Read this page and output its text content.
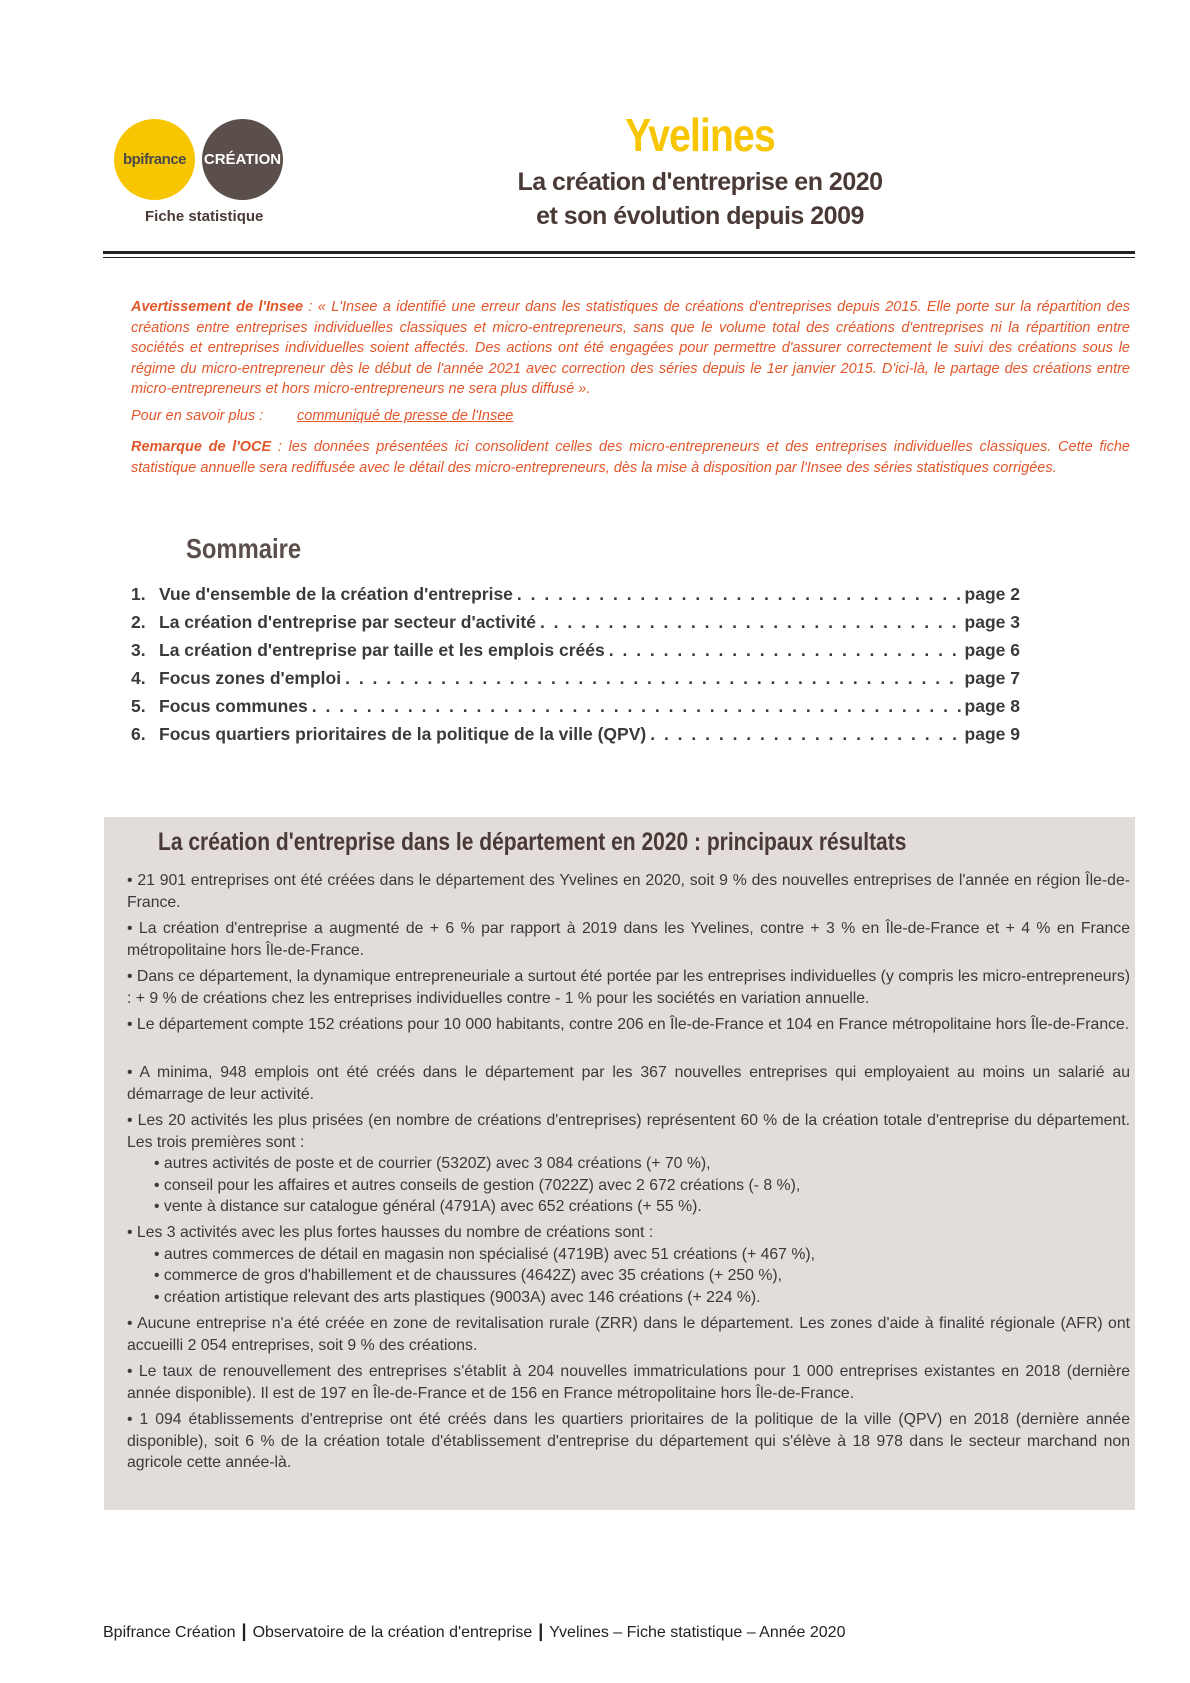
bpifrance CRÉATION
Fiche statistique
Yvelines
La création d'entreprise en 2020
et son évolution depuis 2009
Avertissement de l'Insee : « L'Insee a identifié une erreur dans les statistiques de créations d'entreprises depuis 2015. Elle porte sur la répartition des créations entre entreprises individuelles classiques et micro-entrepreneurs, sans que le volume total des créations d'entreprises ni la répartition entre sociétés et entreprises individuelles soient affectés. Des actions ont été engagées pour permettre d'assurer correctement le suivi des créations sous le régime du micro-entrepreneur dès le début de l'année 2021 avec correction des séries depuis le 1er janvier 2015. D'ici-là, le partage des créations entre micro-entrepreneurs et hors micro-entrepreneurs ne sera plus diffusé ».
Pour en savoir plus : communiqué de presse de l'Insee
Remarque de l'OCE : les données présentées ici consolident celles des micro-entrepreneurs et des entreprises individuelles classiques. Cette fiche statistique annuelle sera rediffusée avec le détail des micro-entrepreneurs, dès la mise à disposition par l'Insee des séries statistiques corrigées.
Sommaire
1. Vue d'ensemble de la création d'entreprise . . .	page 2
2. La création d'entreprise par secteur d'activité . . .	page 3
3. La création d'entreprise par taille et les emplois créés . . .	page 6
4. Focus zones d'emploi . . .	page 7
5. Focus communes . . .	page 8
6. Focus quartiers prioritaires de la politique de la ville (QPV) . . .	page 9
La création d'entreprise dans le département en 2020 : principaux résultats
• 21 901 entreprises ont été créées dans le département des Yvelines en 2020, soit 9 % des nouvelles entreprises de l'année en région Île-de-France.
• La création d'entreprise a augmenté de + 6 % par rapport à 2019 dans les Yvelines, contre + 3 % en Île-de-France et + 4 % en France métropolitaine hors Île-de-France.
• Dans ce département, la dynamique entrepreneuriale a surtout été portée par les entreprises individuelles (y compris les micro-entrepreneurs) : + 9 % de créations chez les entreprises individuelles contre - 1 % pour les sociétés en variation annuelle.
• Le département compte 152 créations pour 10 000 habitants, contre 206 en Île-de-France et 104 en France métropolitaine hors Île-de-France.
• A minima, 948 emplois ont été créés dans le département par les 367 nouvelles entreprises qui employaient au moins un salarié au démarrage de leur activité.
• Les 20 activités les plus prisées (en nombre de créations d'entreprises) représentent 60 % de la création totale d'entreprise du département. Les trois premières sont :
• autres activités de poste et de courrier (5320Z) avec 3 084 créations (+ 70 %),
• conseil pour les affaires et autres conseils de gestion (7022Z) avec 2 672 créations (- 8 %),
• vente à distance sur catalogue général (4791A) avec 652 créations (+ 55 %).
• Les 3 activités avec les plus fortes hausses du nombre de créations sont :
• autres commerces de détail en magasin non spécialisé (4719B) avec 51 créations (+ 467 %),
• commerce de gros d'habillement et de chaussures (4642Z) avec 35 créations (+ 250 %),
• création artistique relevant des arts plastiques (9003A) avec 146 créations (+ 224 %).
• Aucune entreprise n'a été créée en zone de revitalisation rurale (ZRR) dans le département. Les zones d'aide à finalité régionale (AFR) ont accueilli 2 054 entreprises, soit 9 % des créations.
• Le taux de renouvellement des entreprises s'établit à 204 nouvelles immatriculations pour 1 000 entreprises existantes en 2018 (dernière année disponible). Il est de 197 en Île-de-France et de 156 en France métropolitaine hors Île-de-France.
• 1 094 établissements d'entreprise ont été créés dans les quartiers prioritaires de la politique de la ville (QPV) en 2018 (dernière année disponible), soit 6 % de la création totale d'établissement d'entreprise du département qui s'élève à 18 978 dans le secteur marchand non agricole cette année-là.
Bpifrance Création | Observatoire de la création d'entreprise | Yvelines – Fiche statistique – Année 2020
